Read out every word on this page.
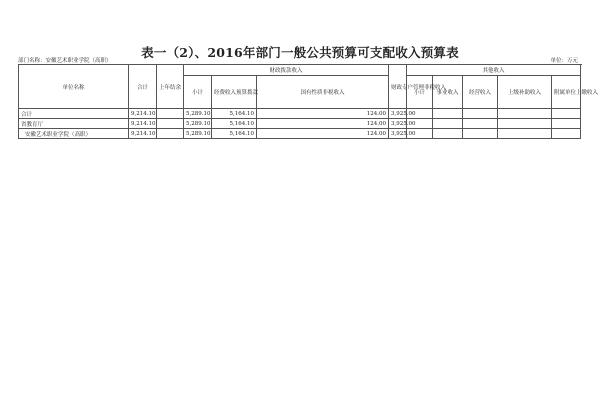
表一（2）、2016年部门一般公共预算可支配收入预算表
部门名称：安徽艺术职业学院（高职）	单位：万元
单位名称	合计	上年结余	财政拨款收入			财政专户管理非税收入	其他收入					
			小计	经费收入预算拨款	国有性质非税收入		小计	事业收入	经营收入	上级补助收入	附属单位上缴收入	
合计	9,214.10		5,289.10	5,164.10	124.00	3,925.00						
省教育厅	9,214.10		5,289.10	5,164.10	124.00	3,925.00						
安徽艺术职业学院（高职）	9,214.10		5,289.10	5,164.10	124.00	3,925.00						
